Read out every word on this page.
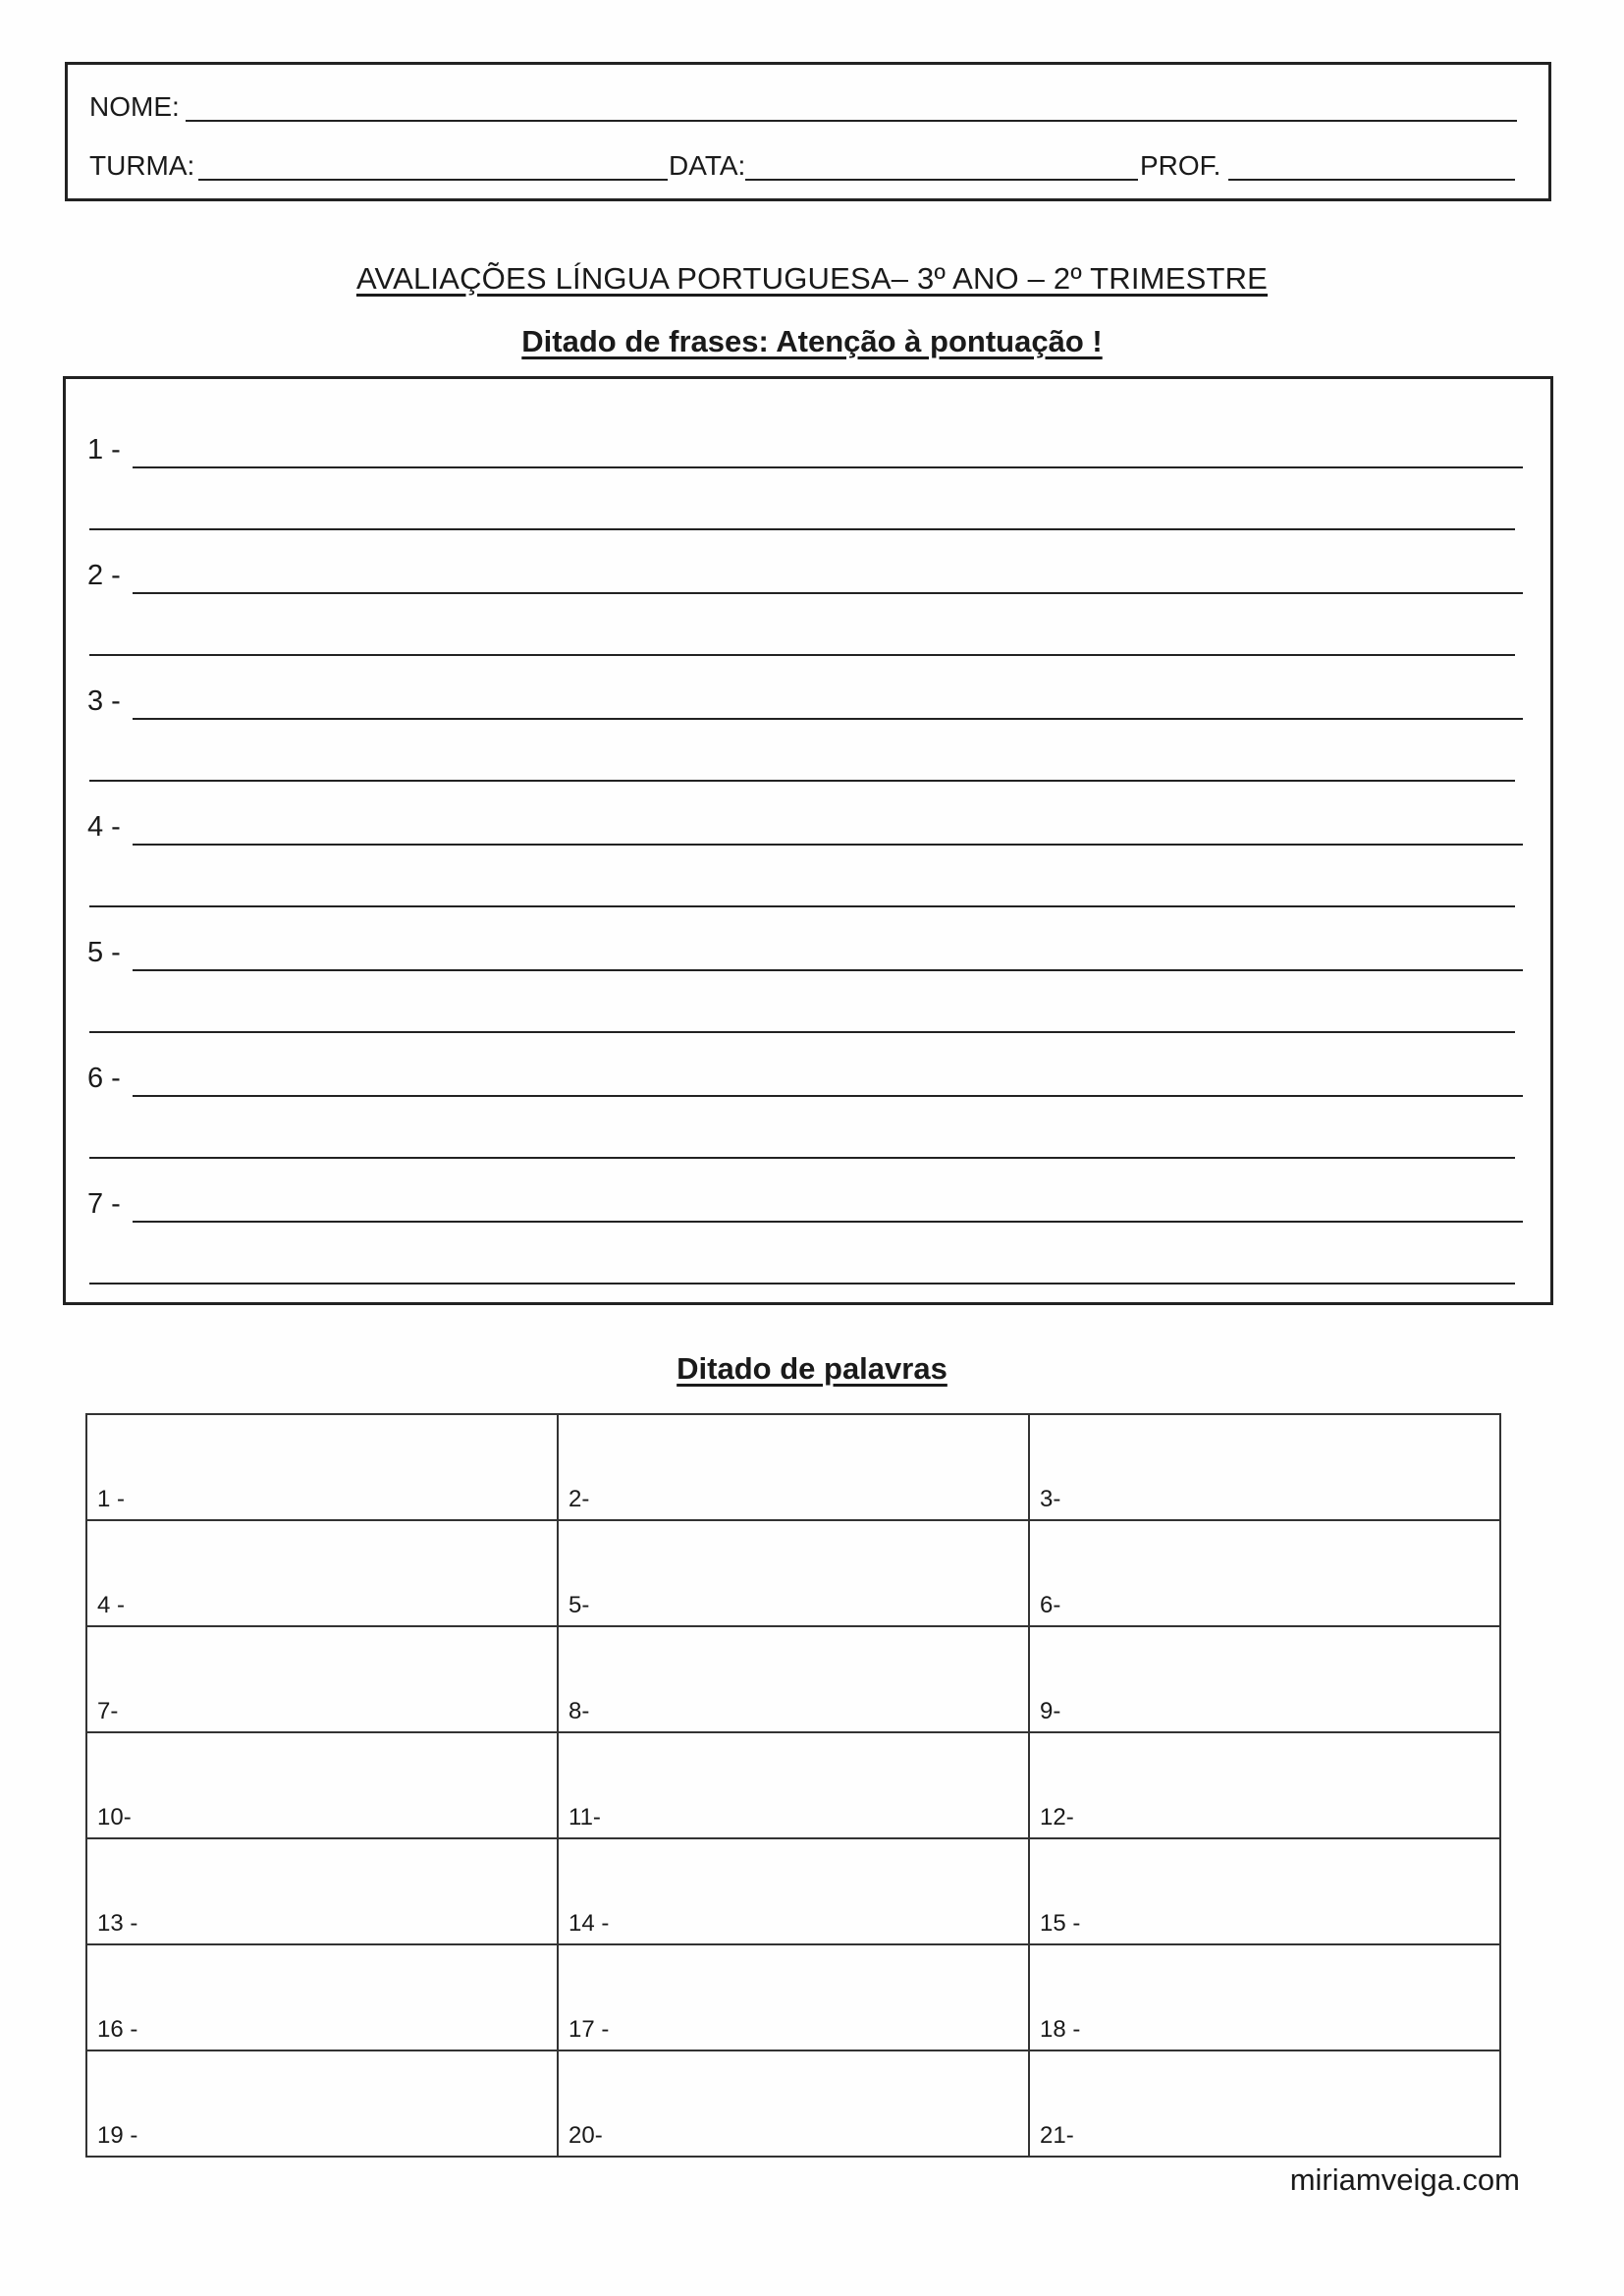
NOME:
TURMA:	DATA:	PROF.
AVALIAÇÕES LÍNGUA PORTUGUESA– 3º ANO – 2º TRIMESTRE
Ditado de frases: Atenção à pontuação !
1 -
2 -
3 -
4 -
5 -
6 -
7 -
Ditado de palavras
1 -	2-	3-
4 -	5-	6-
7-	8-	9-
10-	11-	12-
13 -	14 -	15 -
16 -	17 -	18 -
19 -	20-	21-
miriamveiga.com
